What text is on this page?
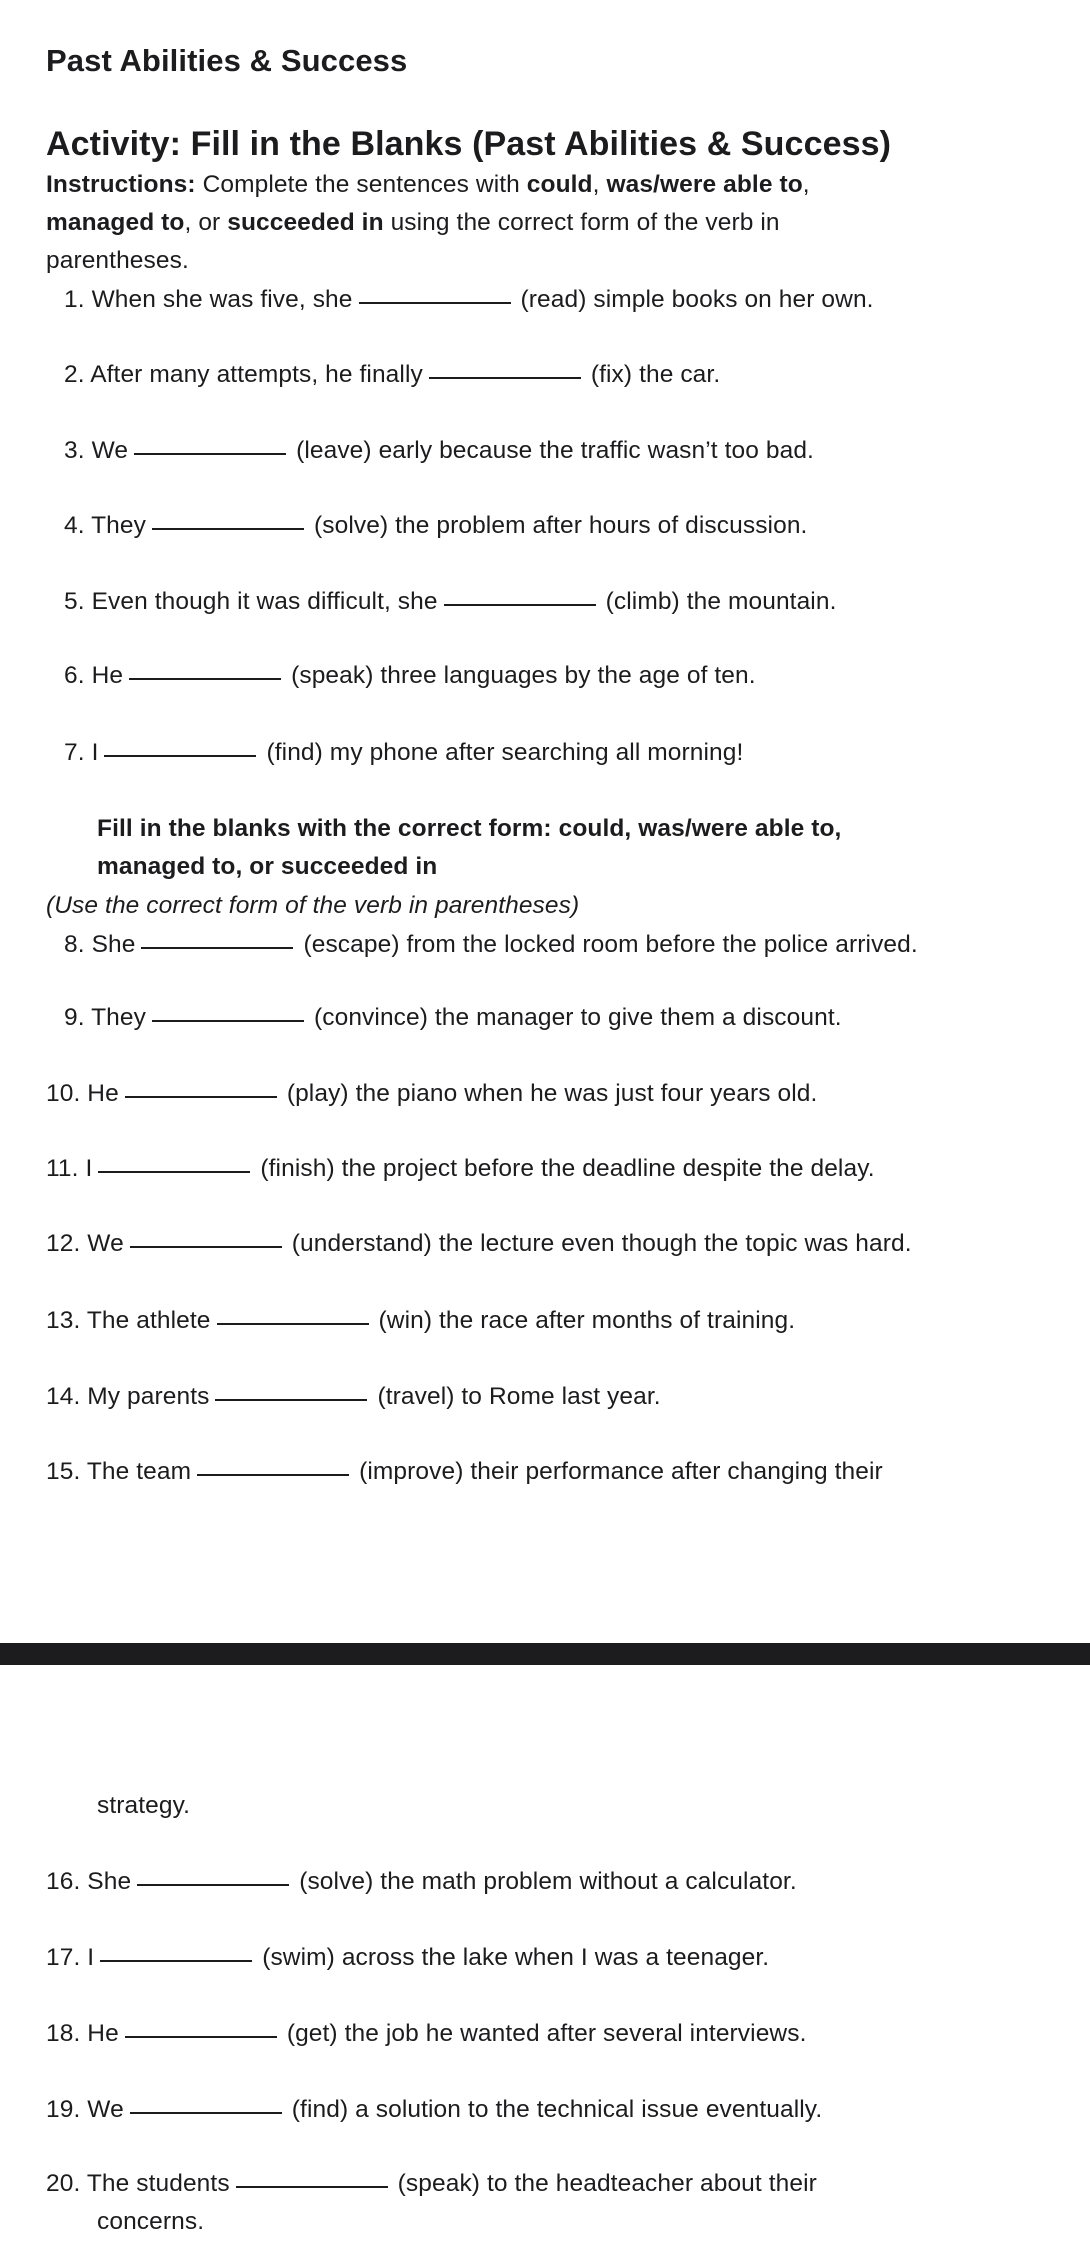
Past Abilities & Success
Activity: Fill in the Blanks (Past Abilities & Success)
Instructions: Complete the sentences with could, was/were able to,
managed to, or succeeded in using the correct form of the verb in
parentheses.
1. When she was five, she	(read) simple books on her own.
2. After many attempts, he finally	(fix) the car.
3. We	(leave) early because the traffic wasn’t too bad.
4. They	(solve) the problem after hours of discussion.
5. Even though it was difficult, she	(climb) the mountain.
6. He	(speak) three languages by the age of ten.
7. I	(find) my phone after searching all morning!
Fill in the blanks with the correct form: could, was/were able to,
managed to, or succeeded in
(Use the correct form of the verb in parentheses)
8. She	(escape) from the locked room before the police arrived.
9. They	(convince) the manager to give them a discount.
10. He	(play) the piano when he was just four years old.
11. I	(finish) the project before the deadline despite the delay.
12. We	(understand) the lecture even though the topic was hard.
13. The athlete	(win) the race after months of training.
14. My parents	(travel) to Rome last year.
15. The team	(improve) their performance after changing their
strategy.
16. She	(solve) the math problem without a calculator.
17. I	(swim) across the lake when I was a teenager.
18. He	(get) the job he wanted after several interviews.
19. We	(find) a solution to the technical issue eventually.
20. The students	(speak) to the headteacher about their
concerns.
